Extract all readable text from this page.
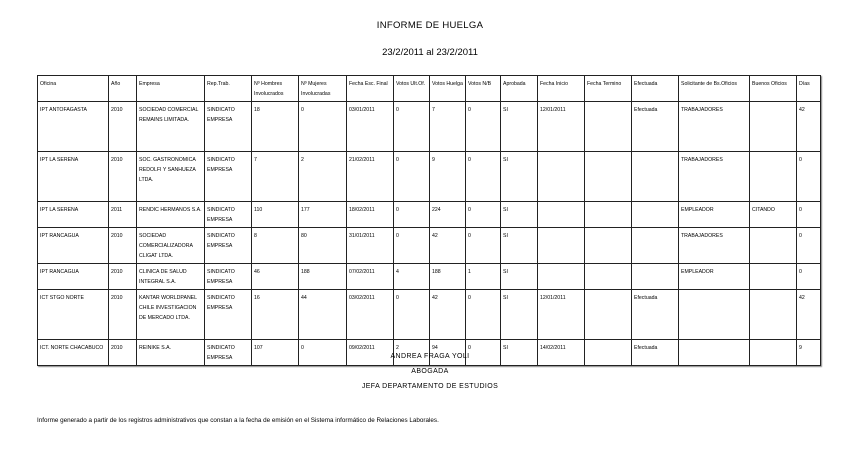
INFORME DE HUELGA
23/2/2011 al 23/2/2011
Oficina	Año	Empresa	Rep.Trab.	Nº Hombres Involucrados	Nº Mujeres Involucradas	Fecha Esc. Final	Votos Ult.Of.	Votos Huelga	Votos N/B	Aprobada	Fecha Inicio	Fecha Termino	Efectuada	Solicitante de Bs.Oficios	Buenos Oficios	Días
IPT ANTOFAGASTA	2010	SOCIEDAD COMERCIAL REMAINS LIMITADA.	SINDICATO EMPRESA	18	0	03/01/2011	0	7	0	SI	12/01/2011		Efectuada	TRABAJADORES		42
IPT LA SERENA	2010	SOC. GASTRONOMICA REDOLFI Y SANHUEZA LTDA.	SINDICATO EMPRESA	7	2	21/02/2011	0	9	0	SI				TRABAJADORES		0
IPT LA SERENA	2011	RENDIC HERMANOS S.A.	SINDICATO EMPRESA	110	177	18/02/2011	0	224	0	SI				EMPLEADOR	CITANDO	0
IPT RANCAGUA	2010	SOCIEDAD COMERCIALIZADORA CLIGAT LTDA.	SINDICATO EMPRESA	8	80	31/01/2011	0	42	0	SI				TRABAJADORES		0
IPT RANCAGUA	2010	CLINICA DE SALUD INTEGRAL S.A.	SINDICATO EMPRESA	46	188	07/02/2011	4	188	1	SI				EMPLEADOR		0
ICT STGO NORTE	2010	KANTAR WORLDPANEL CHILE INVESTIGACION DE MERCADO LTDA.	SINDICATO EMPRESA	16	44	03/02/2011	0	42	0	SI	12/01/2011		Efectuada			42
ICT. NORTE CHACABUCO	2010	REINIKE S.A.	SINDICATO EMPRESA	107	0	09/02/2011	2	94	0	SI	14/02/2011		Efectuada			9
ANDREA FRAGA YOLI
ABOGADA
JEFA DEPARTAMENTO DE ESTUDIOS
Informe generado a partir de los registros administrativos que constan a la fecha de emisión en el Sistema informático de Relaciones Laborales.
